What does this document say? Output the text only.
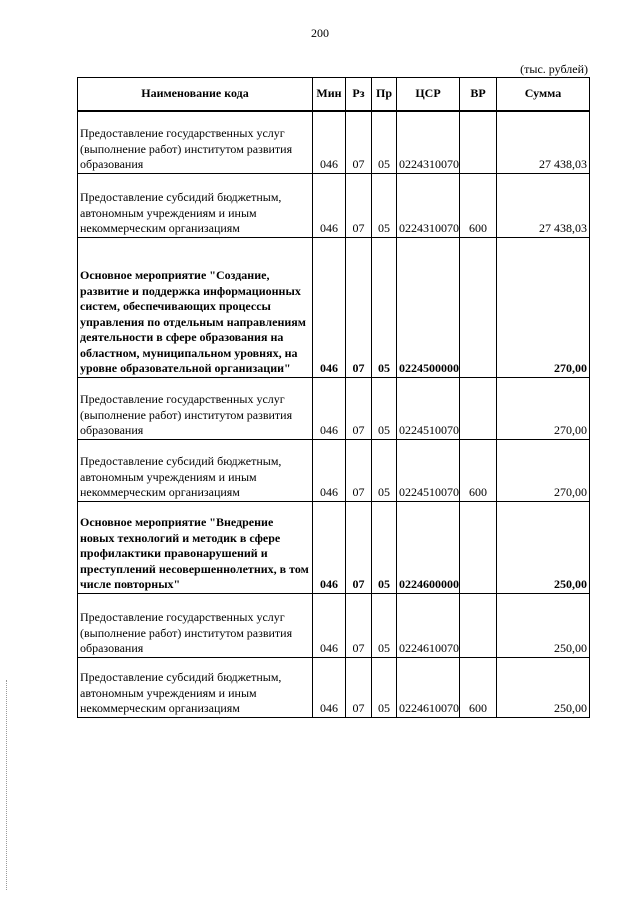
200
(тыс. рублей)
Наименование кода	Мин	Рз	Пр	ЦСР	ВР	Сумма
Предоставление государственных услуг (выполнение работ) институтом развития образования	046	07	05	0224310070		27 438,03
Предоставление субсидий бюджетным, автономным учреждениям и иным некоммерческим организациям	046	07	05	0224310070	600	27 438,03
Основное мероприятие "Создание, развитие и поддержка информационных систем, обеспечивающих процессы управления по отдельным направлениям деятельности в сфере образования на областном, муниципальном уровнях, на уровне образовательной организации"	046	07	05	0224500000		270,00
Предоставление государственных услуг (выполнение работ) институтом развития образования	046	07	05	0224510070		270,00
Предоставление субсидий бюджетным, автономным учреждениям и иным некоммерческим организациям	046	07	05	0224510070	600	270,00
Основное мероприятие "Внедрение новых технологий и методик в сфере профилактики правонарушений и преступлений несовершеннолетних, в том числе повторных"	046	07	05	0224600000		250,00
Предоставление государственных услуг (выполнение работ) институтом развития образования	046	07	05	0224610070		250,00
Предоставление субсидий бюджетным, автономным учреждениям и иным некоммерческим организациям	046	07	05	0224610070	600	250,00
